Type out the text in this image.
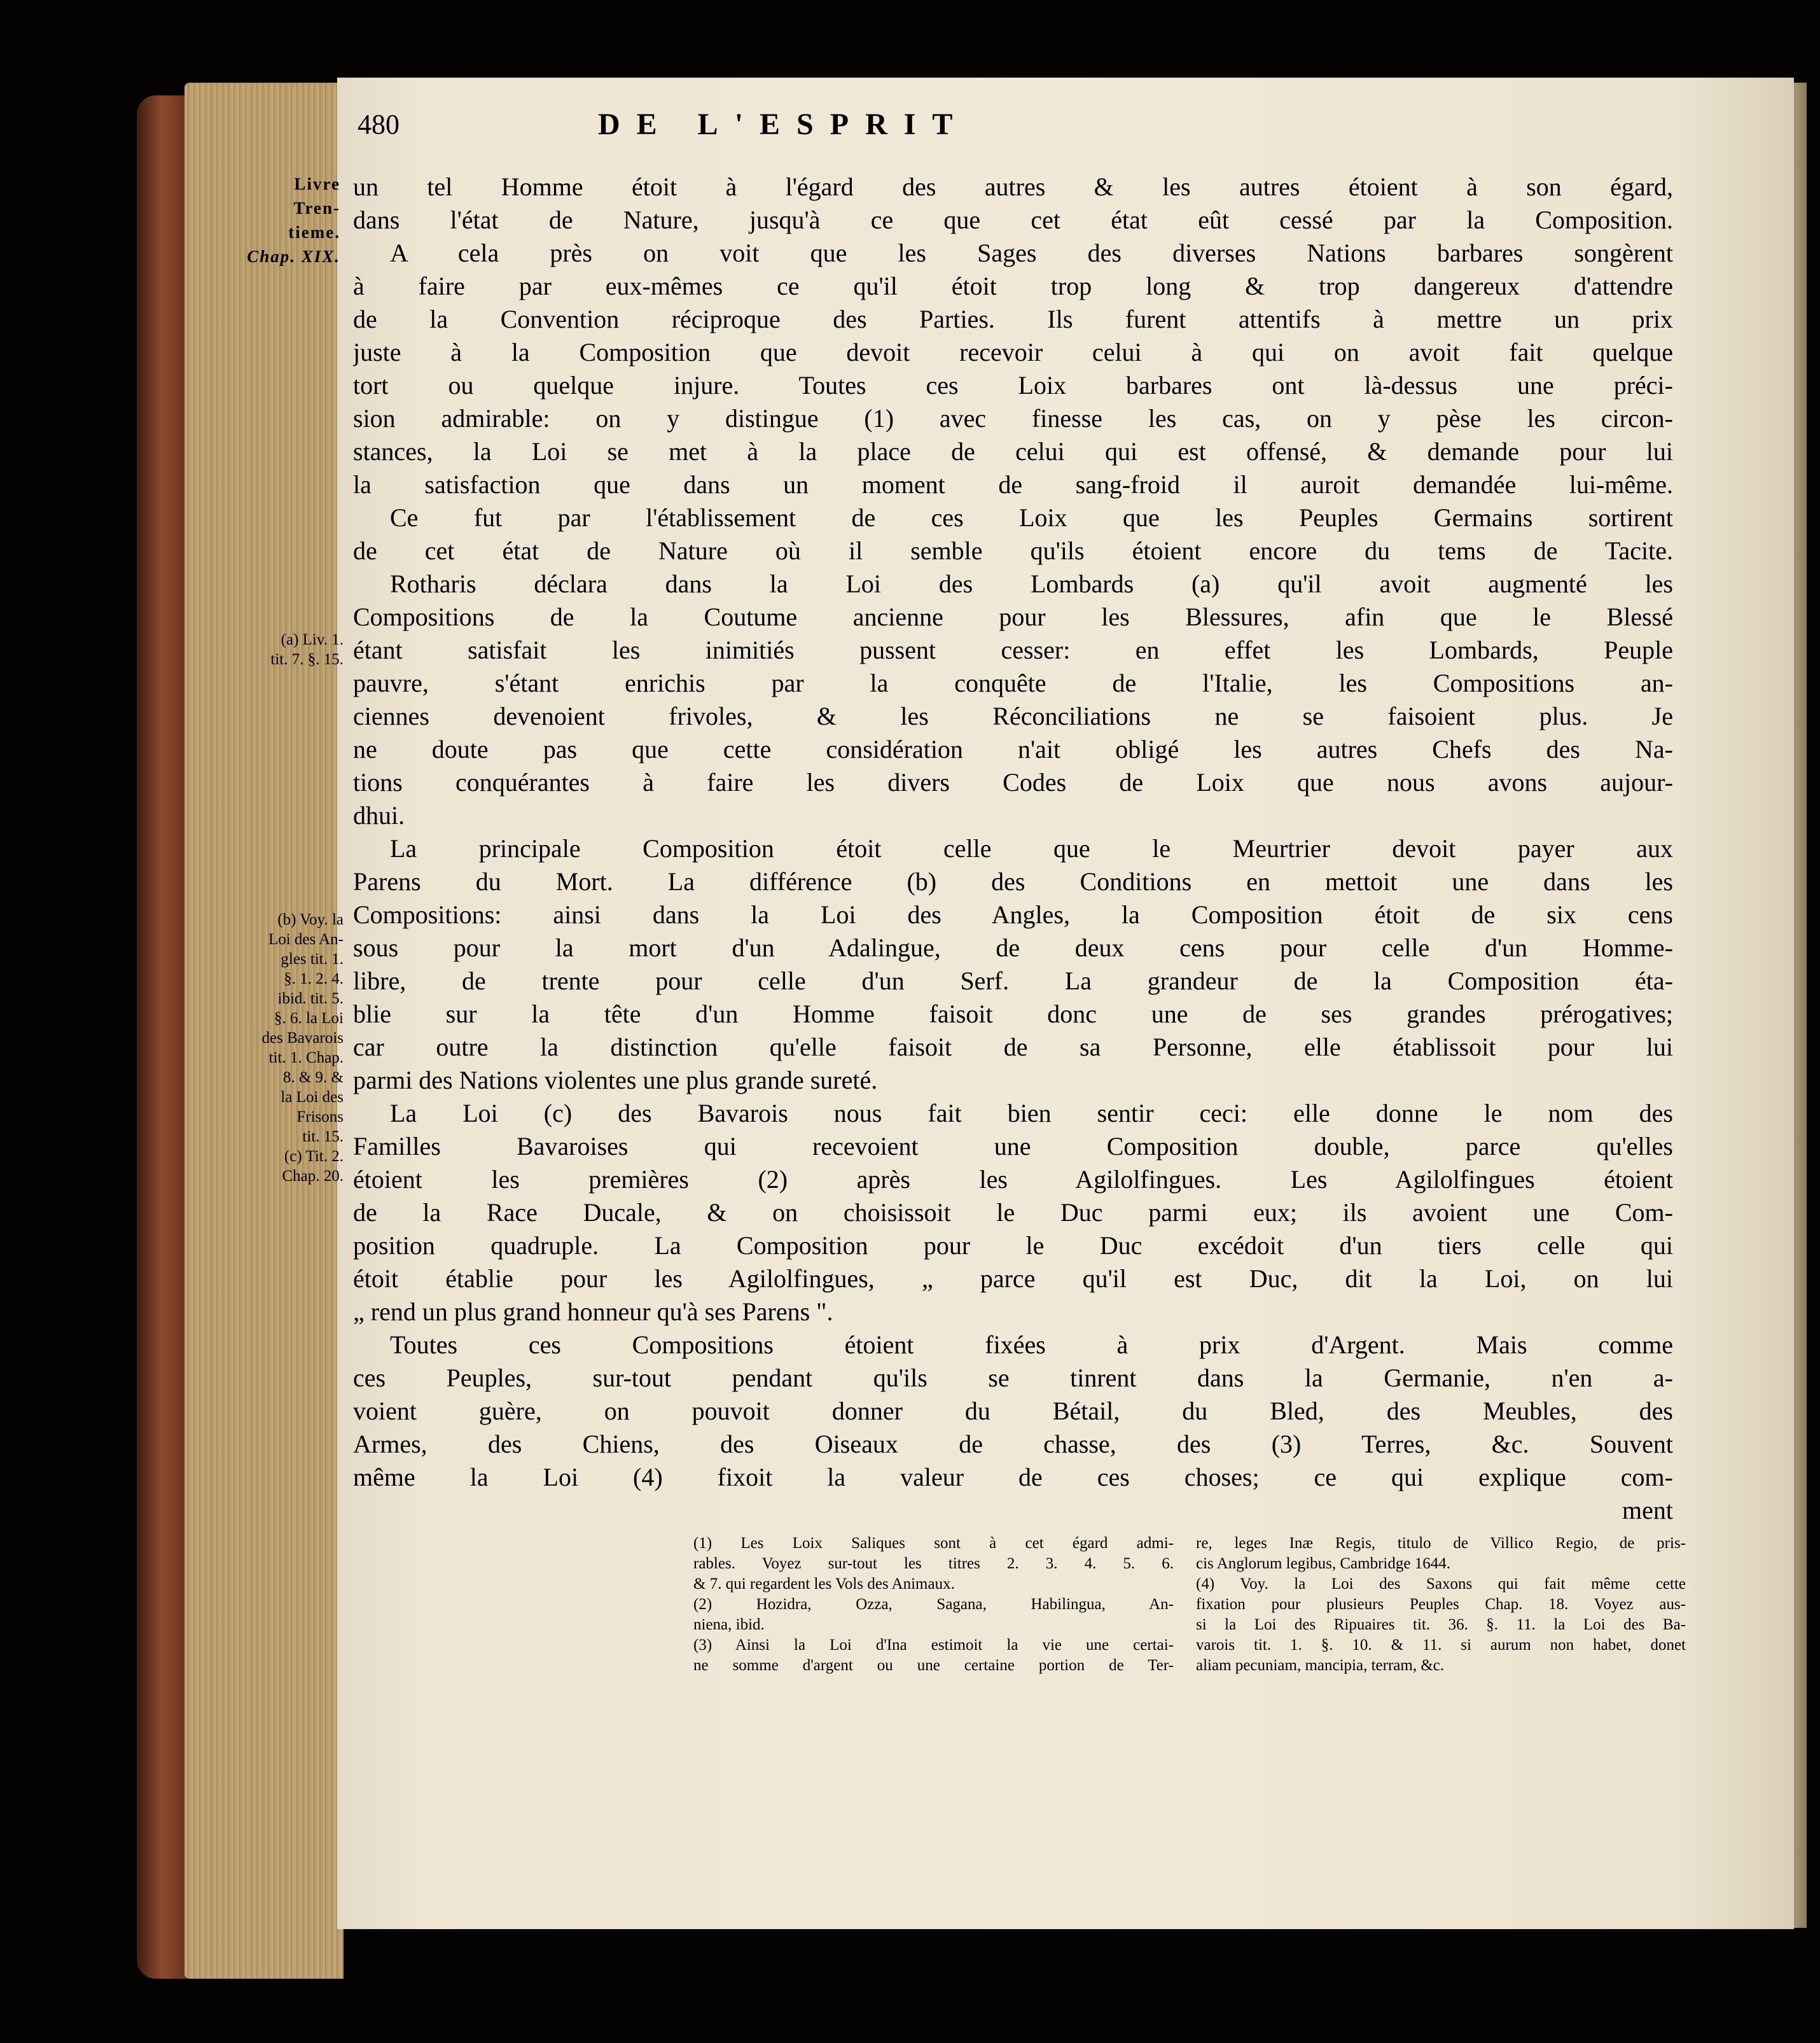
480	DE L'ESPRIT
Livre
Tren-
tieme.
Chap. XIX.
(a) Liv. 1.
tit. 7. §. 15.
(b) Voy. la
Loi des An-
gles tit. 1.
§. 1. 2. 4.
ibid. tit. 5.
§. 6. la Loi
des Bavarois
tit. 1. Chap.
8. & 9. &
la Loi des
Frisons
tit. 15.
(c) Tit. 2.
Chap. 20.
un tel Homme étoit à l'égard des autres & les autres étoient à son égard,
dans l'état de Nature, jusqu'à ce que cet état eût cessé par la Composition.
A cela près on voit que les Sages des diverses Nations barbares songèrent
à faire par eux-mêmes ce qu'il étoit trop long & trop dangereux d'attendre
de la Convention réciproque des Parties. Ils furent attentifs à mettre un prix
juste à la Composition que devoit recevoir celui à qui on avoit fait quelque
tort ou quelque injure. Toutes ces Loix barbares ont là-dessus une préci-
sion admirable: on y distingue (1) avec finesse les cas, on y pèse les circon-
stances, la Loi se met à la place de celui qui est offensé, & demande pour lui
la satisfaction que dans un moment de sang-froid il auroit demandée lui-même.
Ce fut par l'établissement de ces Loix que les Peuples Germains sortirent
de cet état de Nature où il semble qu'ils étoient encore du tems de Tacite.
Rotharis déclara dans la Loi des Lombards (a) qu'il avoit augmenté les
Compositions de la Coutume ancienne pour les Blessures, afin que le Blessé
étant satisfait les inimitiés pussent cesser: en effet les Lombards, Peuple
pauvre, s'étant enrichis par la conquête de l'Italie, les Compositions an-
ciennes devenoient frivoles, & les Réconciliations ne se faisoient plus. Je
ne doute pas que cette considération n'ait obligé les autres Chefs des Na-
tions conquérantes à faire les divers Codes de Loix que nous avons aujour-
dhui.
La principale Composition étoit celle que le Meurtrier devoit payer aux
Parens du Mort. La différence (b) des Conditions en mettoit une dans les
Compositions: ainsi dans la Loi des Angles, la Composition étoit de six cens
sous pour la mort d'un Adalingue, de deux cens pour celle d'un Homme-
libre, de trente pour celle d'un Serf. La grandeur de la Composition éta-
blie sur la tête d'un Homme faisoit donc une de ses grandes prérogatives;
car outre la distinction qu'elle faisoit de sa Personne, elle établissoit pour lui
parmi des Nations violentes une plus grande sureté.
La Loi (c) des Bavarois nous fait bien sentir ceci: elle donne le nom des
Familles Bavaroises qui recevoient une Composition double, parce qu'elles
étoient les premières (2) après les Agilolfingues. Les Agilolfingues étoient
de la Race Ducale, & on choisissoit le Duc parmi eux; ils avoient une Com-
position quadruple. La Composition pour le Duc excédoit d'un tiers celle qui
étoit établie pour les Agilolfingues, „ parce qu'il est Duc, dit la Loi, on lui
„ rend un plus grand honneur qu'à ses Parens ".
Toutes ces Compositions étoient fixées à prix d'Argent. Mais comme
ces Peuples, sur-tout pendant qu'ils se tinrent dans la Germanie, n'en a-
voient guère, on pouvoit donner du Bétail, du Bled, des Meubles, des
Armes, des Chiens, des Oiseaux de chasse, des (3) Terres, &c. Souvent
même la Loi (4) fixoit la valeur de ces choses; ce qui explique com-
ment
(1) Les Loix Saliques sont à cet égard admi-
rables. Voyez sur-tout les titres 2. 3. 4. 5. 6.
& 7. qui regardent les Vols des Animaux.
(2) Hozidra, Ozza, Sagana, Habilingua, An-
niena, ibid.
(3) Ainsi la Loi d'Ina estimoit la vie une certai-
ne somme d'argent ou une certaine portion de Ter-
re, leges Inæ Regis, titulo de Villico Regio, de pris-
cis Anglorum legibus, Cambridge 1644.
(4) Voy. la Loi des Saxons qui fait même cette
fixation pour plusieurs Peuples Chap. 18. Voyez aus-
si la Loi des Ripuaires tit. 36. §. 11. la Loi des Ba-
varois tit. 1. §. 10. & 11. si aurum non habet, donet
aliam pecuniam, mancipia, terram, &c.
